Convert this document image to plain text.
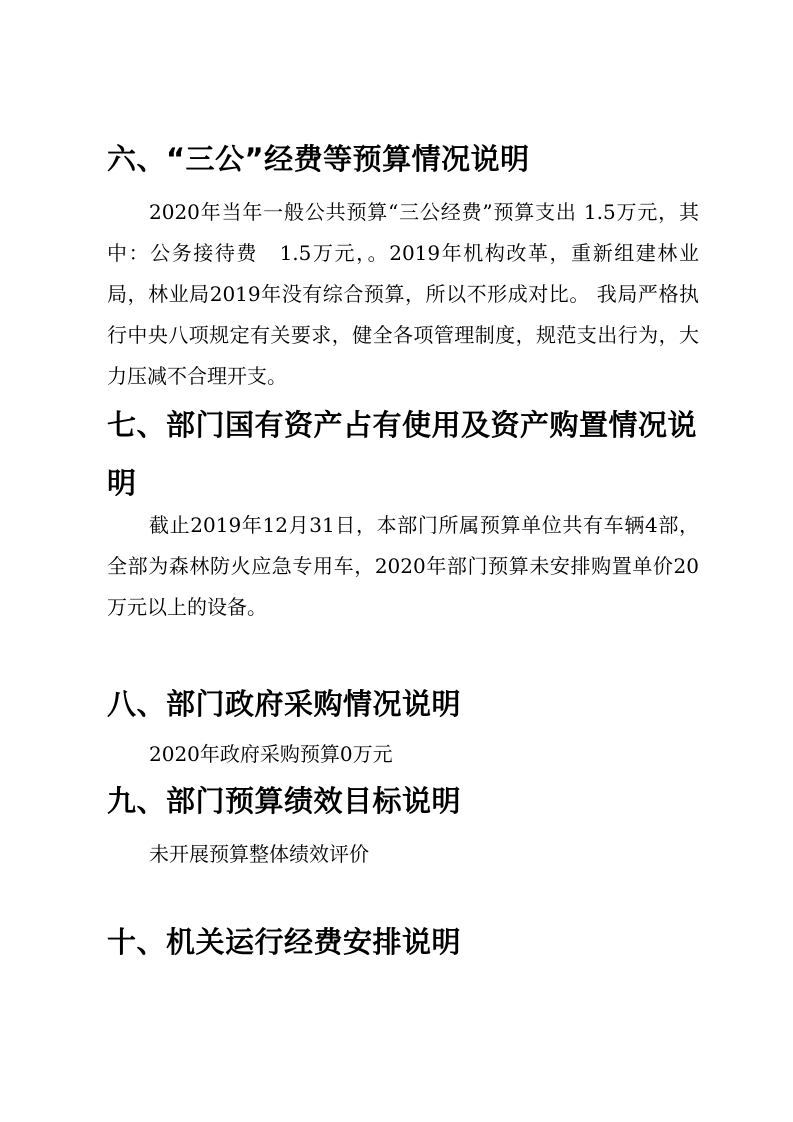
六、“三公”经费等预算情况说明

2020年当年一般公共预算“三公经费”预算支出 1.5万元，其中：公务接待费　1.5万元，。2019年机构改革，重新组建林业局，林业局2019年没有综合预算，所以不形成对比。 我局严格执行中央八项规定有关要求，健全各项管理制度，规范支出行为，大力压减不合理开支。

七、部门国有资产占有使用及资产购置情况说明

截止2019年12月31日，本部门所属预算单位共有车辆4部，全部为森林防火应急专用车，2020年部门预算未安排购置单价20万元以上的设备。

八、部门政府采购情况说明

2020年政府采购预算0万元

九、部门预算绩效目标说明

未开展预算整体绩效评价

十、机关运行经费安排说明
